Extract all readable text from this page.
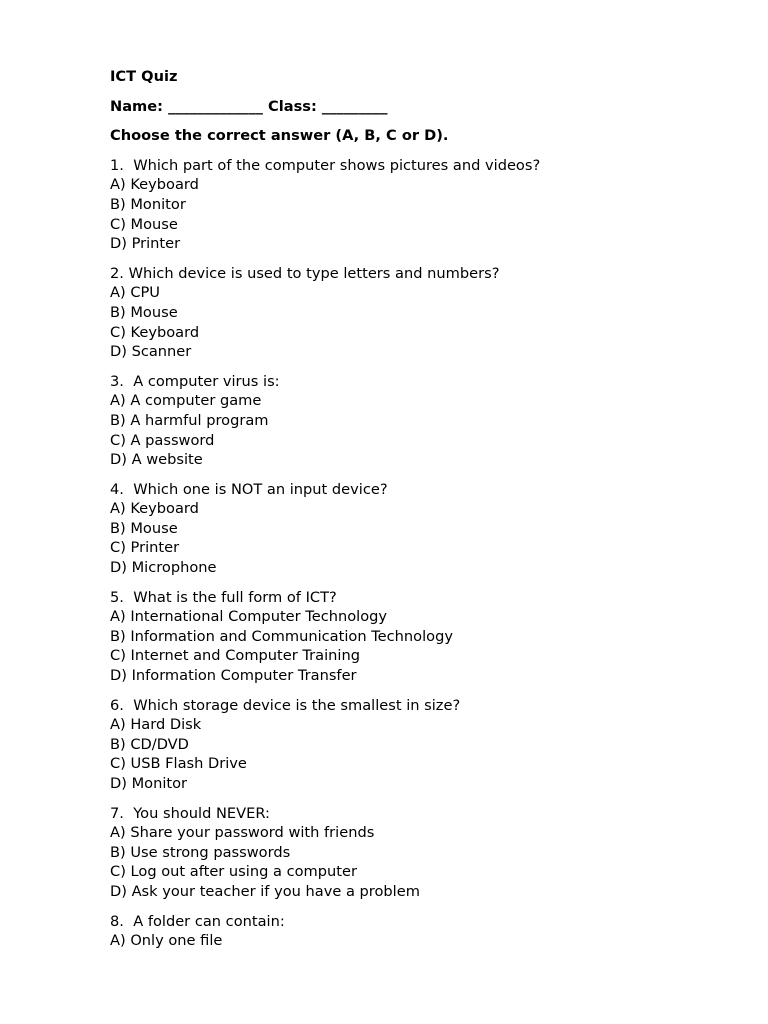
ICT Quiz
Name: _____________ Class: _________
Choose the correct answer (A, B, C or D).
1.  Which part of the computer shows pictures and videos?
A) Keyboard
B) Monitor
C) Mouse
D) Printer
2. Which device is used to type letters and numbers?
A) CPU
B) Mouse
C) Keyboard
D) Scanner
3.  A computer virus is:
A) A computer game
B) A harmful program
C) A password
D) A website
4.  Which one is NOT an input device?
A) Keyboard
B) Mouse
C) Printer
D) Microphone
5.  What is the full form of ICT?
A) International Computer Technology
B) Information and Communication Technology
C) Internet and Computer Training
D) Information Computer Transfer
6.  Which storage device is the smallest in size?
A) Hard Disk
B) CD/DVD
C) USB Flash Drive
D) Monitor
7.  You should NEVER:
A) Share your password with friends
B) Use strong passwords
C) Log out after using a computer
D) Ask your teacher if you have a problem
8.  A folder can contain:
A) Only one file
